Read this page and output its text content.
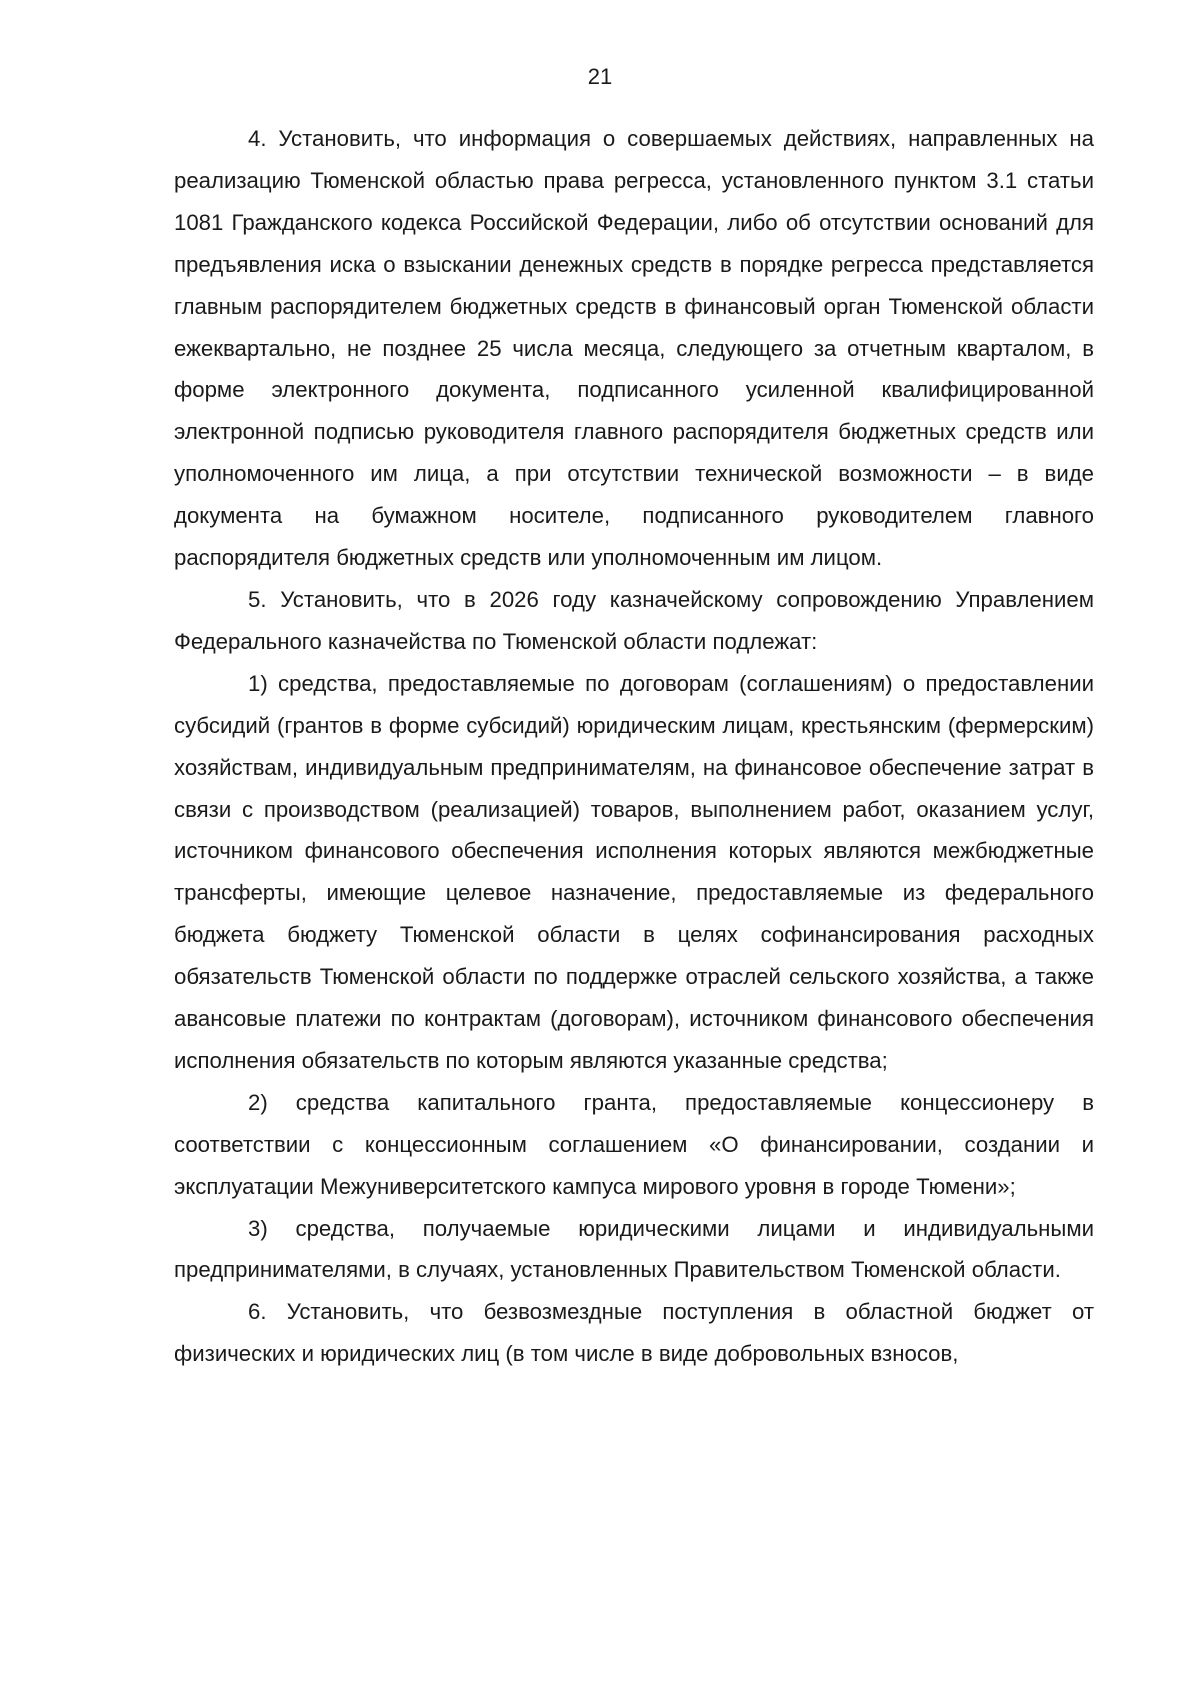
21

4. Установить, что информация о совершаемых действиях, направленных на реализацию Тюменской областью права регресса, установленного пунктом 3.1 статьи 1081 Гражданского кодекса Российской Федерации, либо об отсутствии оснований для предъявления иска о взыскании денежных средств в порядке регресса представляется главным распорядителем бюджетных средств в финансовый орган Тюменской области ежеквартально, не позднее 25 числа месяца, следующего за отчетным кварталом, в форме электронного документа, подписанного усиленной квалифицированной электронной подписью руководителя главного распорядителя бюджетных средств или уполномоченного им лица, а при отсутствии технической возможности – в виде документа на бумажном носителе, подписанного руководителем главного распорядителя бюджетных средств или уполномоченным им лицом.

5. Установить, что в 2026 году казначейскому сопровождению Управлением Федерального казначейства по Тюменской области подлежат:

1) средства, предоставляемые по договорам (соглашениям) о предоставлении субсидий (грантов в форме субсидий) юридическим лицам, крестьянским (фермерским) хозяйствам, индивидуальным предпринимателям, на финансовое обеспечение затрат в связи с производством (реализацией) товаров, выполнением работ, оказанием услуг, источником финансового обеспечения исполнения которых являются межбюджетные трансферты, имеющие целевое назначение, предоставляемые из федерального бюджета бюджету Тюменской области в целях софинансирования расходных обязательств Тюменской области по поддержке отраслей сельского хозяйства, а также авансовые платежи по контрактам (договорам), источником финансового обеспечения исполнения обязательств по которым являются указанные средства;

2) средства капитального гранта, предоставляемые концессионеру в соответствии с концессионным соглашением «О финансировании, создании и эксплуатации Межуниверситетского кампуса мирового уровня в городе Тюмени»;

3) средства, получаемые юридическими лицами и индивидуальными предпринимателями, в случаях, установленных Правительством Тюменской области.

6. Установить, что безвозмездные поступления в областной бюджет от физических и юридических лиц (в том числе в виде добровольных взносов,
